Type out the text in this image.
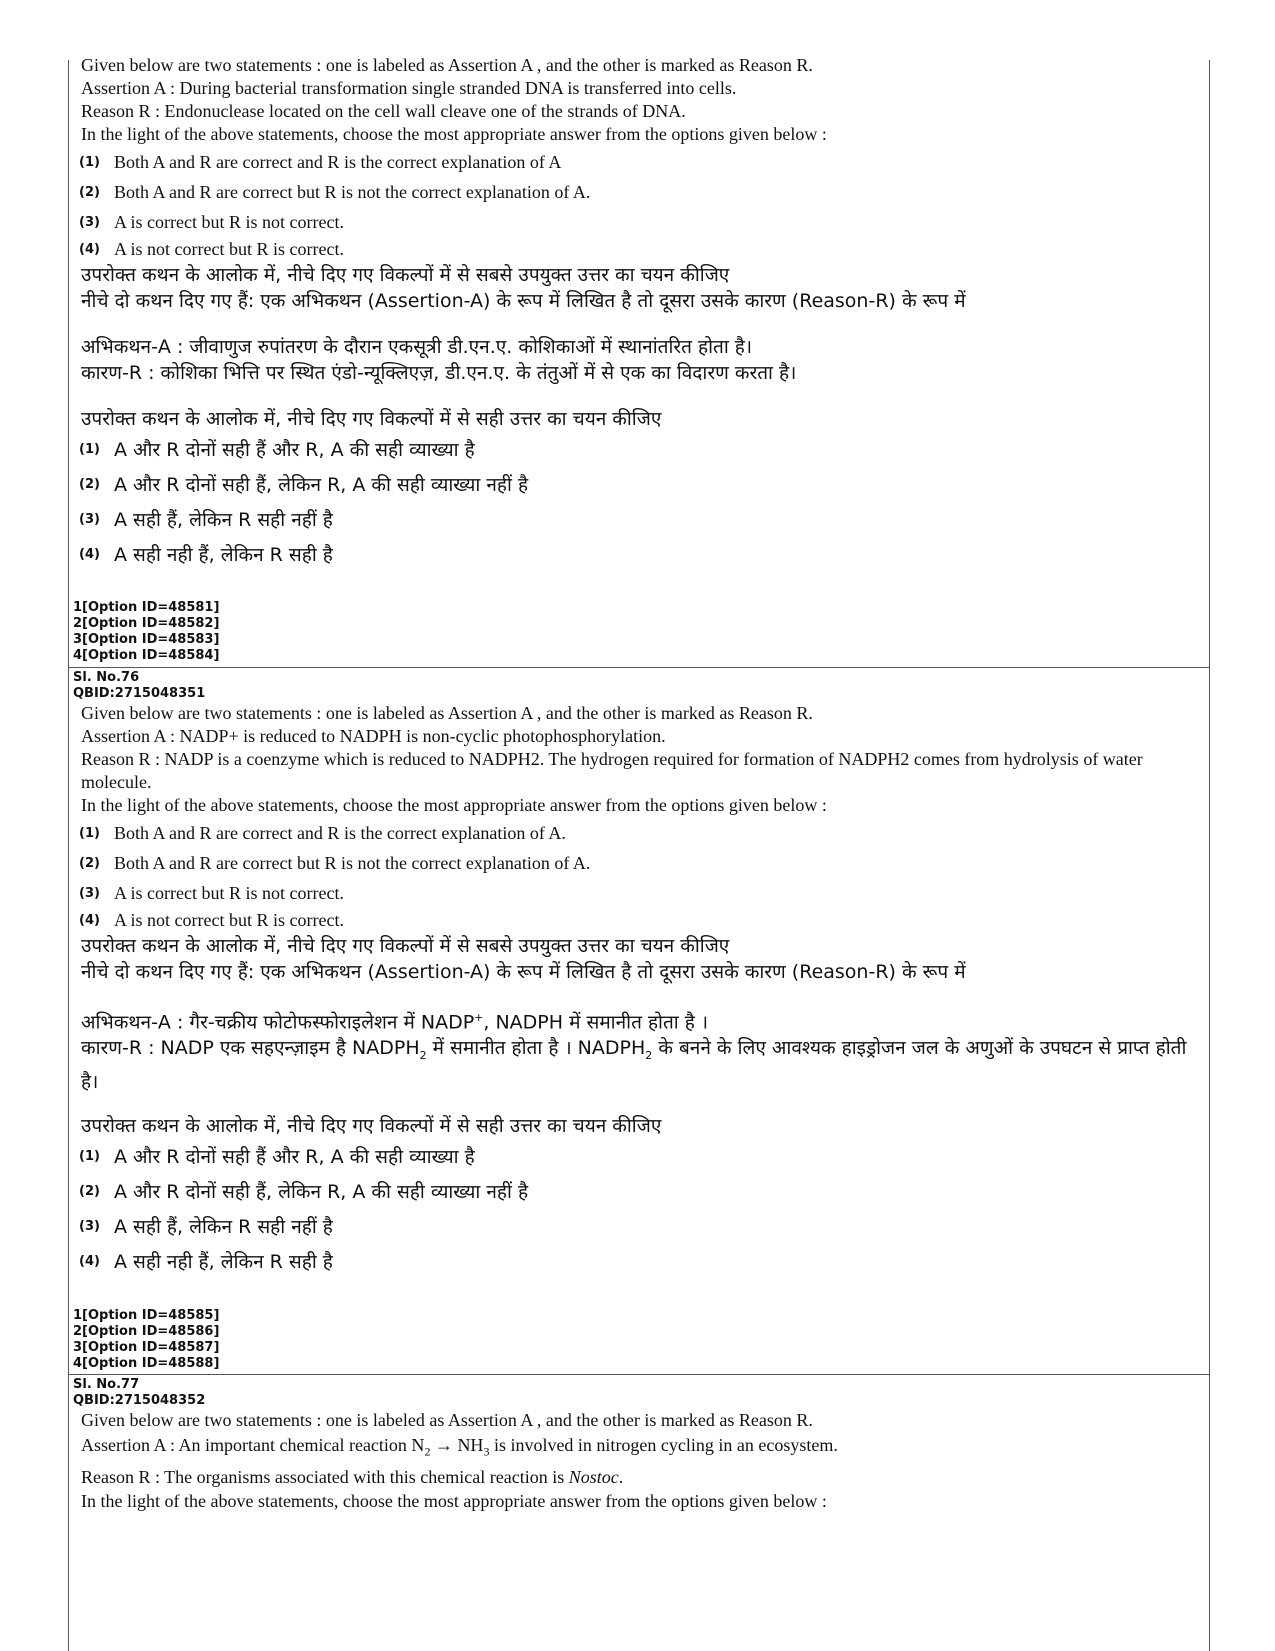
Given below are two statements : one is labeled as Assertion A , and the other is marked as Reason R.
Assertion A : During bacterial transformation single stranded DNA is transferred into cells.
Reason R : Endonuclease located on the cell wall cleave one of the strands of DNA.
In the light of the above statements, choose the most appropriate answer from the options given below :
(1) Both A and R are correct and R is the correct explanation of A
(2) Both A and R are correct but R is not the correct explanation of A.
(3) A is correct but R is not correct.
(4) A is not correct but R is correct.
उपरोक्त कथन के आलोक में, नीचे दिए गए विकल्पों में से सबसे उपयुक्त उत्तर का चयन कीजिए
नीचे दो कथन दिए गए हैं: एक अभिकथन (Assertion-A) के रूप में लिखित है तो दूसरा उसके कारण (Reason-R) के रूप में
अभिकथन-A : जीवाणुज रुपांतरण के दौरान एकसूत्री डी.एन.ए. कोशिकाओं में स्थानांतरित होता है।
कारण-R : कोशिका भित्ति पर स्थित एंडो-न्यूक्लिएज़, डी.एन.ए. के तंतुओं में से एक का विदारण करता है।
उपरोक्त कथन के आलोक में, नीचे दिए गए विकल्पों में से सही उत्तर का चयन कीजिए
(1) A और R दोनों सही हैं और R, A की सही व्याख्या है
(2) A और R दोनों सही हैं, लेकिन R, A की सही व्याख्या नहीं है
(3) A सही हैं, लेकिन R सही नहीं है
(4) A सही नही हैं, लेकिन R सही है
1[Option ID=48581]
2[Option ID=48582]
3[Option ID=48583]
4[Option ID=48584]
Sl. No.76
QBID:2715048351
Given below are two statements : one is labeled as Assertion A , and the other is marked as Reason R.
Assertion A : NADP+ is reduced to NADPH is non-cyclic photophosphorylation.
Reason R : NADP is a coenzyme which is reduced to NADPH2. The hydrogen required for formation of NADPH2 comes from hydrolysis of water molecule.
In the light of the above statements, choose the most appropriate answer from the options given below :
(1) Both A and R are correct and R is the correct explanation of A.
(2) Both A and R are correct but R is not the correct explanation of A.
(3) A is correct but R is not correct.
(4) A is not correct but R is correct.
उपरोक्त कथन के आलोक में, नीचे दिए गए विकल्पों में से सबसे उपयुक्त उत्तर का चयन कीजिए
नीचे दो कथन दिए गए हैं: एक अभिकथन (Assertion-A) के रूप में लिखित है तो दूसरा उसके कारण (Reason-R) के रूप में
अभिकथन-A : गैर-चक्रीय फोटोफस्फोराइलेशन में NADP+, NADPH में समानीत होता है ।
कारण-R : NADP एक सहएन्ज़ाइम है $NADPH_2$ में समानीत होता है । $NADPH_2$ के बनने के लिए आवश्यक हाइड्रोजन जल के अणुओं के उपघटन से प्राप्त होती है।
उपरोक्त कथन के आलोक में, नीचे दिए गए विकल्पों में से सही उत्तर का चयन कीजिए
(1) A और R दोनों सही हैं और R, A की सही व्याख्या है
(2) A और R दोनों सही हैं, लेकिन R, A की सही व्याख्या नहीं है
(3) A सही हैं, लेकिन R सही नहीं है
(4) A सही नही हैं, लेकिन R सही है
1[Option ID=48585]
2[Option ID=48586]
3[Option ID=48587]
4[Option ID=48588]
Sl. No.77
QBID:2715048352
Given below are two statements : one is labeled as Assertion A , and the other is marked as Reason R.
Assertion A : An important chemical reaction $N_2 \to NH_3$ is involved in nitrogen cycling in an ecosystem.
Reason R : The organisms associated with this chemical reaction is Nostoc.
In the light of the above statements, choose the most appropriate answer from the options given below :
